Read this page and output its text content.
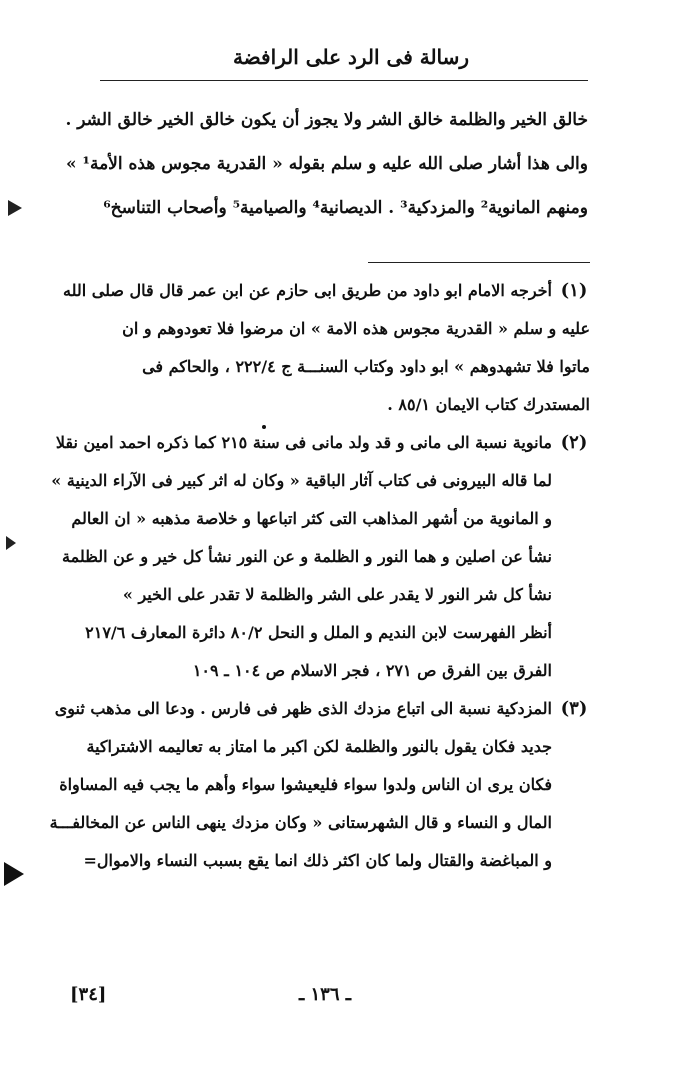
رسالة فى الرد على الرافضة
خالق الخير والظلمة خالق الشر ولا يجوز أن يكون خالق الخير خالق الشر .
والى هذا أشار صلى الله عليه و سلم بقوله « القدرية مجوس هذه الأمة¹ »
ومنهم المانوية² والمزدكية³ . الديصانية⁴ والصيامية⁵ وأصحاب التناسخ⁶
(١)
أخرجه الامام ابو داود من طريق ابى حازم عن ابن عمر قال قال صلى الله
عليه و سلم « القدرية مجوس هذه الامة » ان مرضوا فلا تعودوهم و ان
ماتوا فلا تشهدوهم » ابو داود وكتاب السنـــة ج ٢٢٢/٤ ، والحاكم فى
المستدرك كتاب الايمان ٨٥/١ .
(٢)
مانوية نسبة الى مانى و قد ولد مانى فى سنة ٢١٥ كما ذكره احمد امين نقلا
لما قاله البيرونى فى كتاب آثار الباقية « وكان له اثر كبير فى الآراء الدينية »
و المانوية من أشهر المذاهب التى كثر اتباعها و خلاصة مذهبه « ان العالم
نشأ عن اصلين و هما النور و الظلمة و عن النور نشأ كل خير و عن الظلمة
نشأ كل شر النور لا يقدر على الشر والظلمة لا تقدر على الخير »
أنظر الفهرست لابن النديم و الملل و النحل ٨٠/٢ دائرة المعارف ٢١٧/٦
الفرق بين الفرق ص ٢٧١ ، فجر الاسلام ص ١٠٤ ـ ١٠٩
(٣)
المزدكية نسبة الى اتباع مزدك الذى ظهر فى فارس . ودعا الى مذهب ثنوى
جديد فكان يقول بالنور والظلمة لكن اكبر ما امتاز به تعاليمه الاشتراكية
فكان يرى ان الناس ولدوا سواء فليعيشوا سواء وأهم ما يجب فيه المساواة
المال و النساء و قال الشهرستانى « وكان مزدك ينهى الناس عن المخالفـــة
و المباغضة والقتال ولما كان اكثر ذلك انما يقع بسبب النساء والاموال=
ـ ١٣٦ ـ
[٣٤]
